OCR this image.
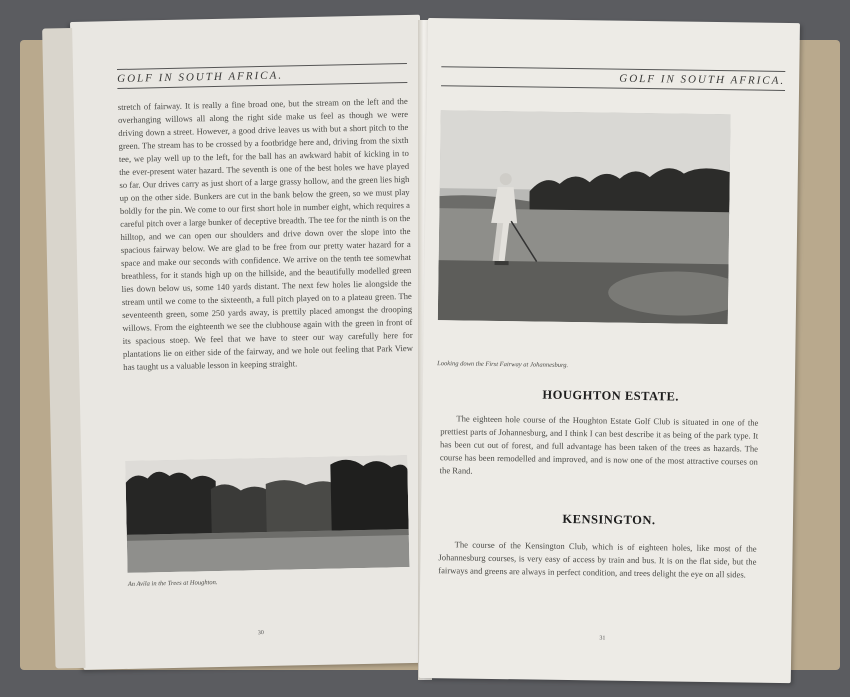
GOLF IN SOUTH AFRICA.

stretch of fairway. It is really a fine broad one, but the stream on the left and the overhanging willows all along the right side make us feel as though we were driving down a street. However, a good drive leaves us with but a short pitch to the green. The stream has to be crossed by a footbridge here and, driving from the sixth tee, we play well up to the left, for the ball has an awkward habit of kicking in to the ever-present water hazard. The seventh is one of the best holes we have played so far. Our drives carry as just short of a large grassy hollow, and the green lies high up on the other side. Bunkers are cut in the bank below the green, so we must play boldly for the pin. We come to our first short hole in number eight, which requires a careful pitch over a large bunker of deceptive breadth. The tee for the ninth is on the hilltop, and we can open our shoulders and drive down over the slope into the spacious fairway below. We are glad to be free from our pretty water hazard for a space and make our seconds with confidence. We arrive on the tenth tee somewhat breathless, for it stands high up on the hillside, and the beautifully modelled green lies down below us, some 140 yards distant. The next few holes lie alongside the stream until we come to the sixteenth, a full pitch played on to a plateau green. The seventeenth green, some 250 yards away, is prettily placed amongst the drooping willows. From the eighteenth we see the clubhouse again with the green in front of its spacious stoep. We feel that we have to steer our way carefully here for plantations lie on either side of the fairway, and we hole out feeling that Park View has taught us a valuable lesson in keeping straight.
An Avila in the Trees at Houghton.
30

GOLF IN SOUTH AFRICA.

Looking down the First Fairway at Johannesburg.
HOUGHTON ESTATE.

The eighteen hole course of the Houghton Estate Golf Club is situated in one of the prettiest parts of Johannesburg, and I think I can best describe it as being of the park type. It has been cut out of forest, and full advantage has been taken of the trees as hazards. The course has been remodelled and improved, and is now one of the most attractive courses on the Rand.

KENSINGTON.

The course of the Kensington Club, which is of eighteen holes, like most of the Johannesburg courses, is very easy of access by train and bus. It is on the flat side, but the fairways and greens are always in perfect condition, and trees delight the eye on all sides.

31
